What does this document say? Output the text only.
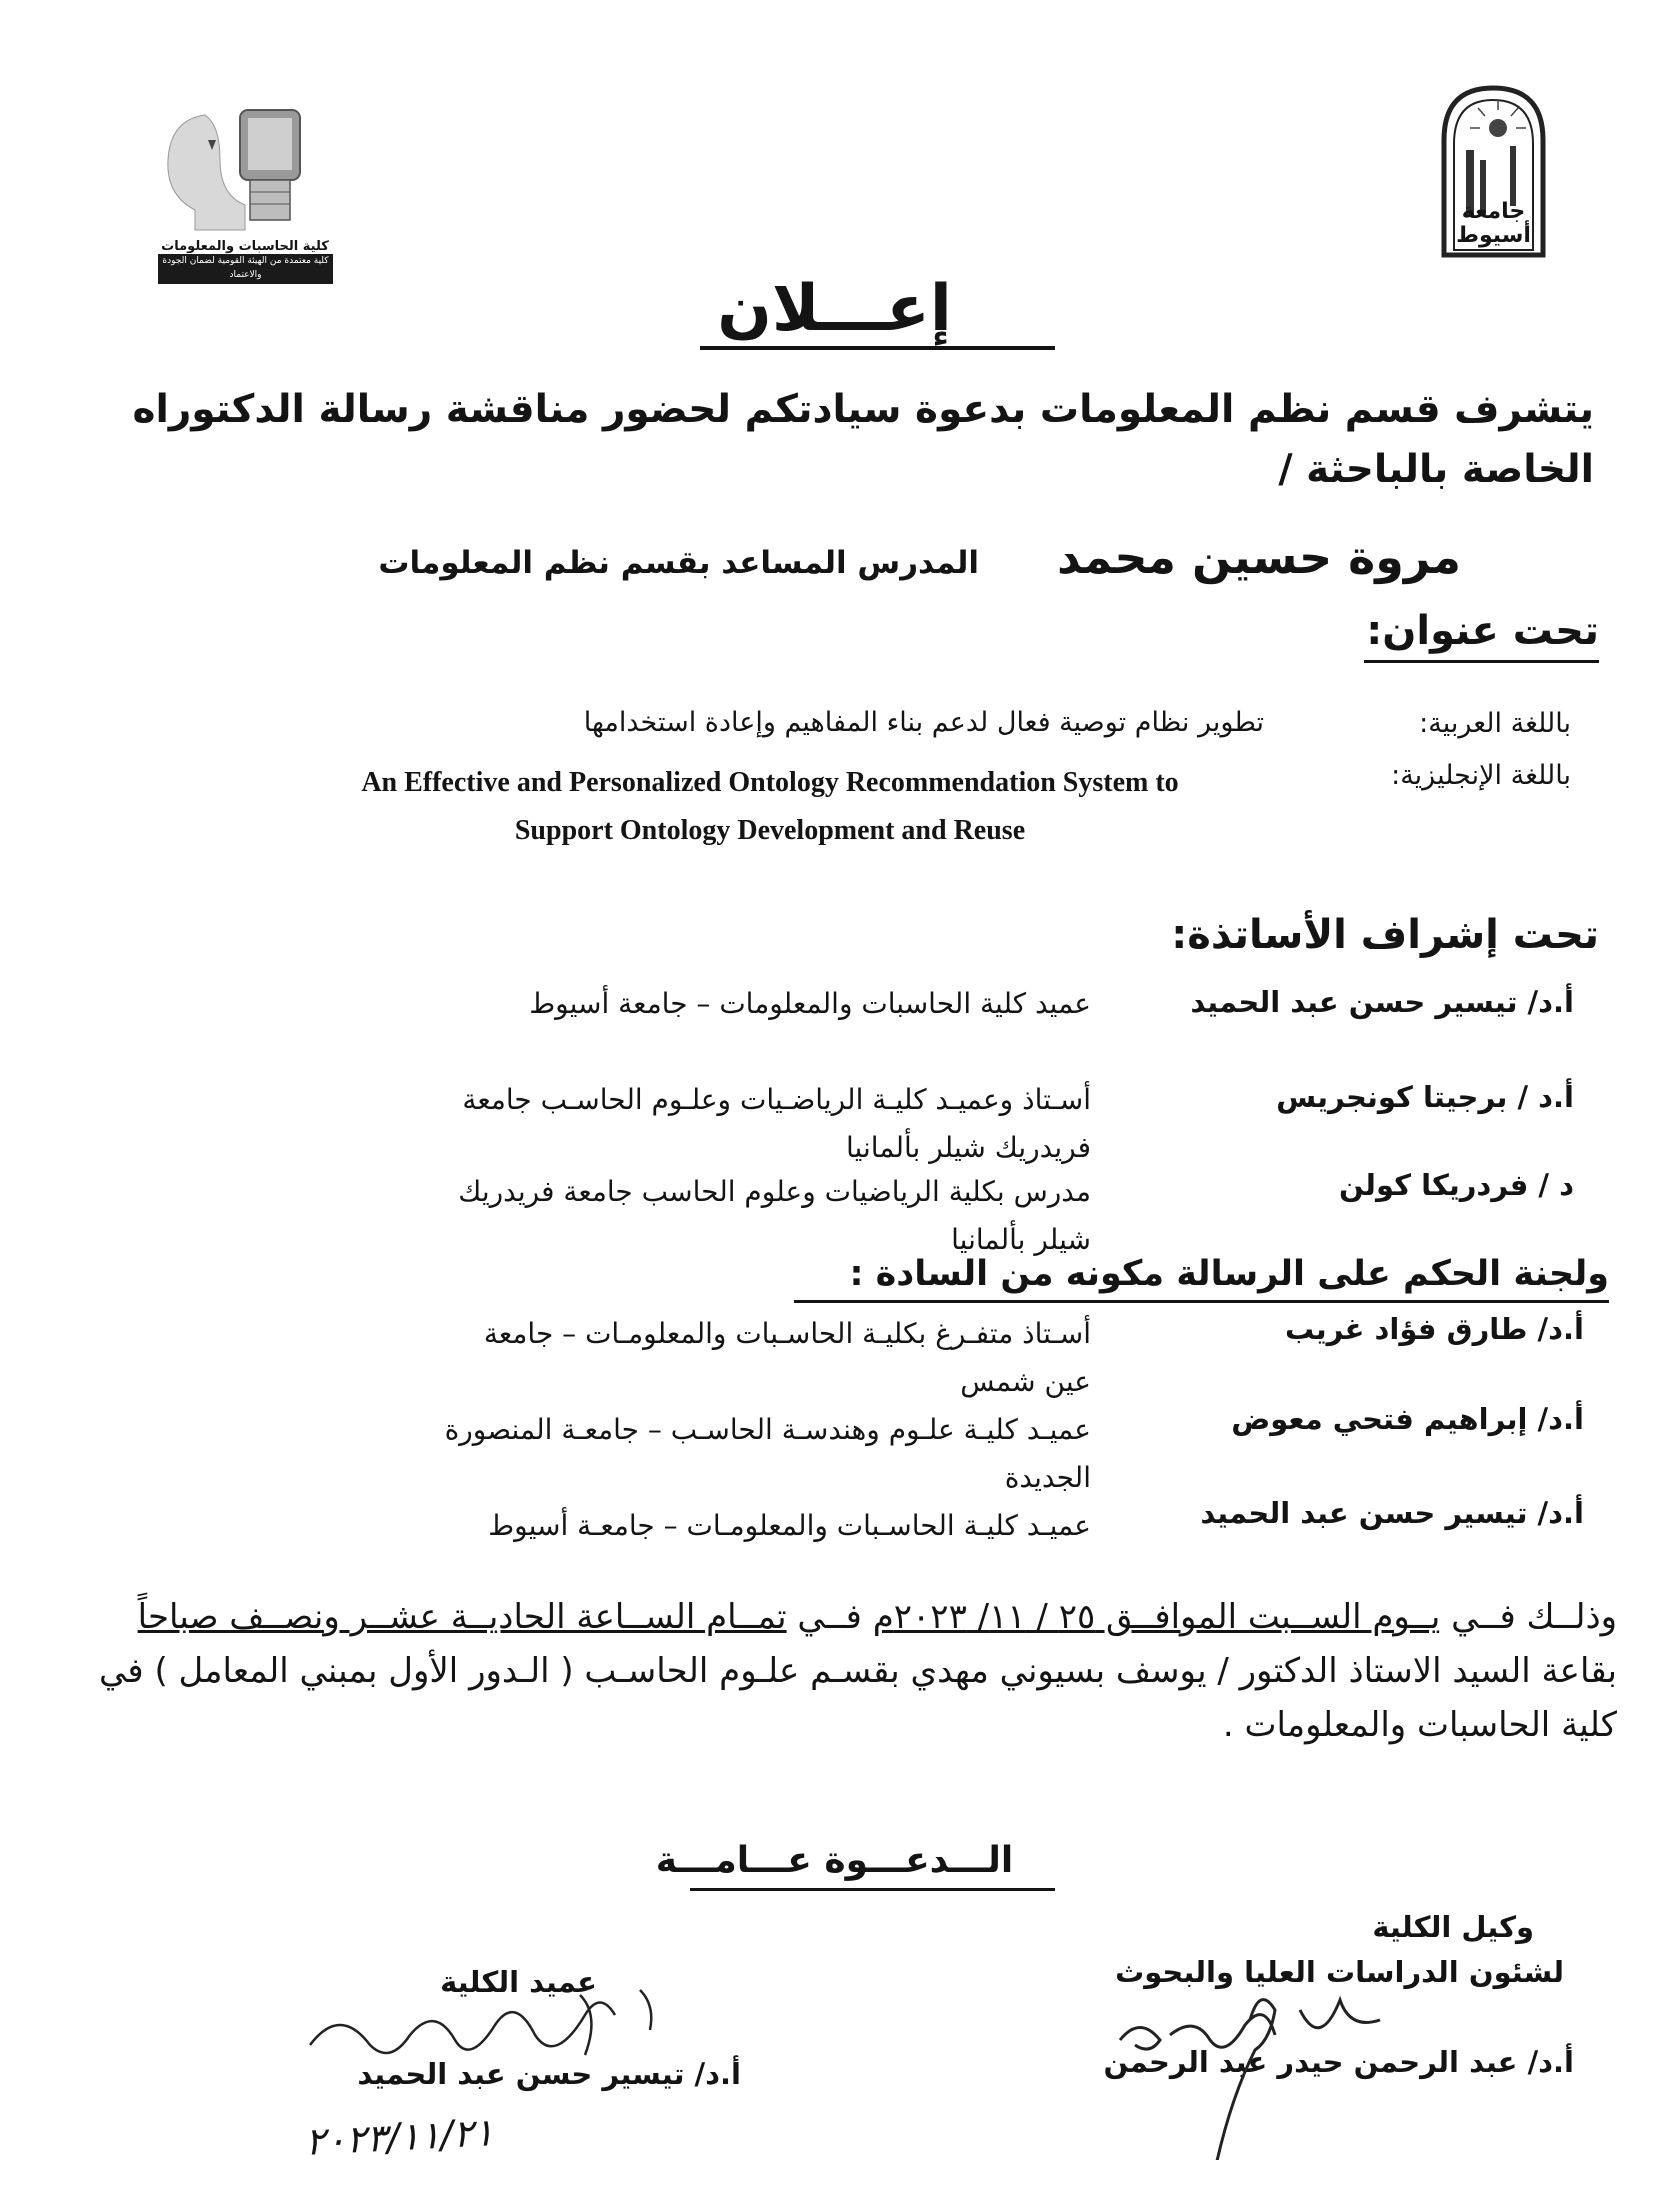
جامعة أسيوط
كلية الحاسبات والمعلومات
كلية معتمدة من الهيئة القومية لضمان الجودة والاعتماد	إعـــلان
يتشرف قسم نظم المعلومات بدعوة سيادتكم لحضور مناقشة رسالة الدكتوراه الخاصة بالباحثة /
مروة حسين محمد
المدرس المساعد بقسم نظم المعلومات
تحت عنوان:
باللغة العربية:
تطوير نظام توصية فعال لدعم بناء المفاهيم وإعادة استخدامها
باللغة الإنجليزية:
An Effective and Personalized Ontology Recommendation System to
Support Ontology Development and Reuse
تحت إشراف الأساتذة:
أ.د/ تيسير حسن عبد الحميد
عميد كلية الحاسبات والمعلومات – جامعة أسيوط
أ.د / برجيتا كونجريس
أسـتاذ وعميـد كليـة الرياضـيات وعلـوم الحاسـب جامعة فريدريك شيلر بألمانيا
د / فردريكا كولن
مدرس بكلية الرياضيات وعلوم الحاسب جامعة فريدريك شيلر بألمانيا
ولجنة الحكم على الرسالة مكونه من السادة :
أ.د/ طارق فؤاد غريب
أسـتاذ متفـرغ بكليـة الحاسـبات والمعلومـات – جامعة عين شمس
أ.د/ إبراهيم فتحي معوض
عميـد كليـة علـوم وهندسـة الحاسـب – جامعـة المنصورة الجديدة
أ.د/ تيسير حسن عبد الحميد
عميـد كليـة الحاسـبات والمعلومـات – جامعـة أسيوط
وذلــك فــي يــوم الســبت الموافــق ٢٥ / ١١/ ٢٠٢٣م فــي تمــام الســاعة الحاديــة عشــر ونصــف صباحاً بقاعة السيد الاستاذ الدكتور / يوسف بسيوني مهدي بقسـم علـوم الحاسـب ( الـدور الأول بمبني المعامل ) في كلية الحاسبات والمعلومات .
الـــدعـــوة عـــامـــة
وكيل الكلية
لشئون الدراسات العليا والبحوث
أ.د/ عبد الرحمن حيدر عبد الرحمن
عميد الكلية
أ.د/ تيسير حسن عبد الحميد
٢٠٢٣/١١/٢١
